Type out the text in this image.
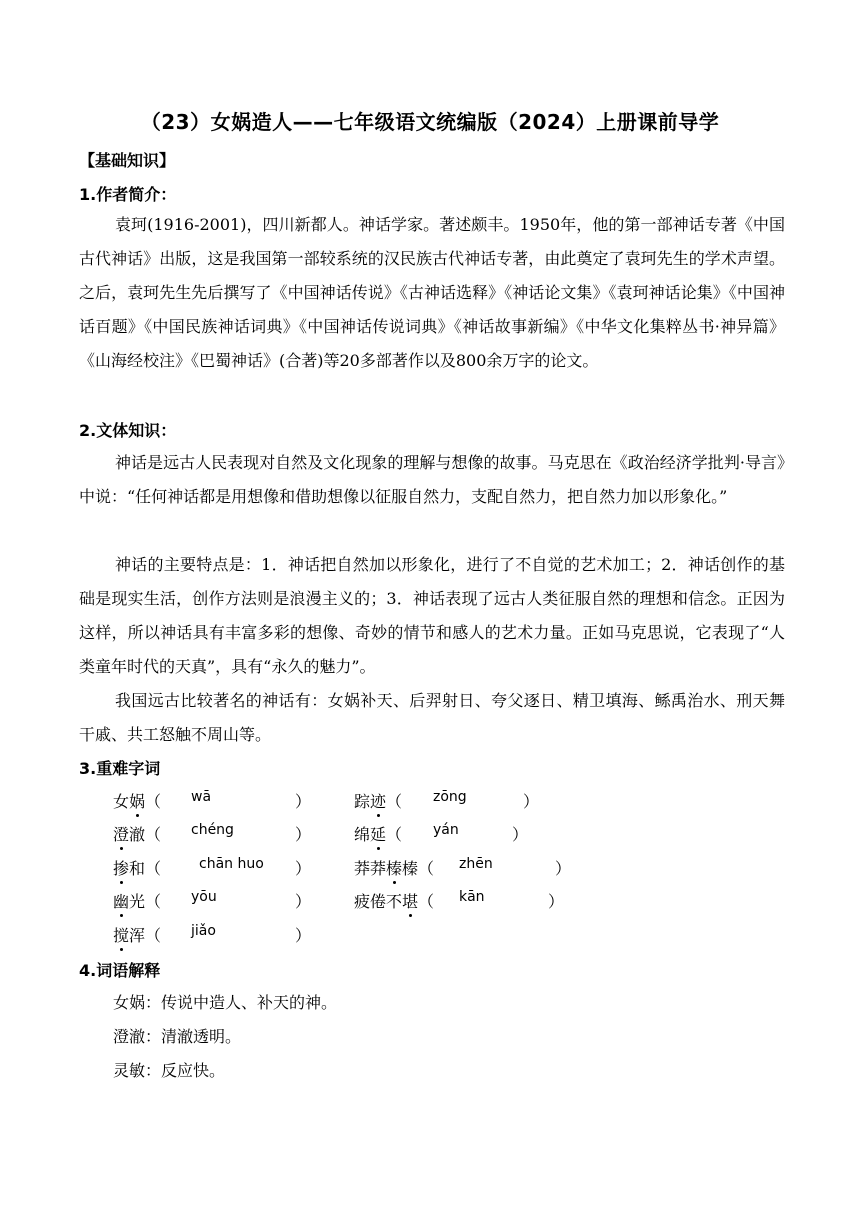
（23）女娲造人——七年级语文统编版（2024）上册课前导学
【基础知识】
1.作者简介：
袁珂(1916-2001)，四川新都人。神话学家。著述颇丰。1950年，他的第一部神话专著《中国古代神话》出版，这是我国第一部较系统的汉民族古代神话专著，由此奠定了袁珂先生的学术声望。之后，袁珂先生先后撰写了《中国神话传说》《古神话选释》《神话论文集》《袁珂神话论集》《中国神话百题》《中国民族神话词典》《中国神话传说词典》《神话故事新编》《中华文化集粹丛书·神异篇》《山海经校注》《巴蜀神话》(合著)等20多部著作以及800余万字的论文。
2.文体知识：
神话是远古人民表现对自然及文化现象的理解与想像的故事。马克思在《政治经济学批判·导言》中说：“任何神话都是用想像和借助想像以征服自然力，支配自然力，把自然力加以形象化。”
神话的主要特点是：1．神话把自然加以形象化，进行了不自觉的艺术加工；2．神话创作的基础是现实生活，创作方法则是浪漫主义的；3．神话表现了远古人类征服自然的理想和信念。正因为这样，所以神话具有丰富多彩的想像、奇妙的情节和感人的艺术力量。正如马克思说，它表现了“人类童年时代的天真”，具有“永久的魅力”。
我国远古比较著名的神话有：女娲补天、后羿射日、夸父逐日、精卫填海、鲧禹治水、刑天舞干戚、共工怒触不周山等。
3.重难字词
女娲（ wā	）	踪迹（ zōng	）
澄澈（ chéng	）	绵延（ yán	）
掺和（	chān huo ）	莽莽榛榛（ zhēn	）
幽光（ yōu	）	疲倦不堪（ kān	）
搅浑（ jiǎo	）
4.词语解释
女娲：传说中造人、补天的神。
澄澈：清澈透明。
灵敏：反应快。
